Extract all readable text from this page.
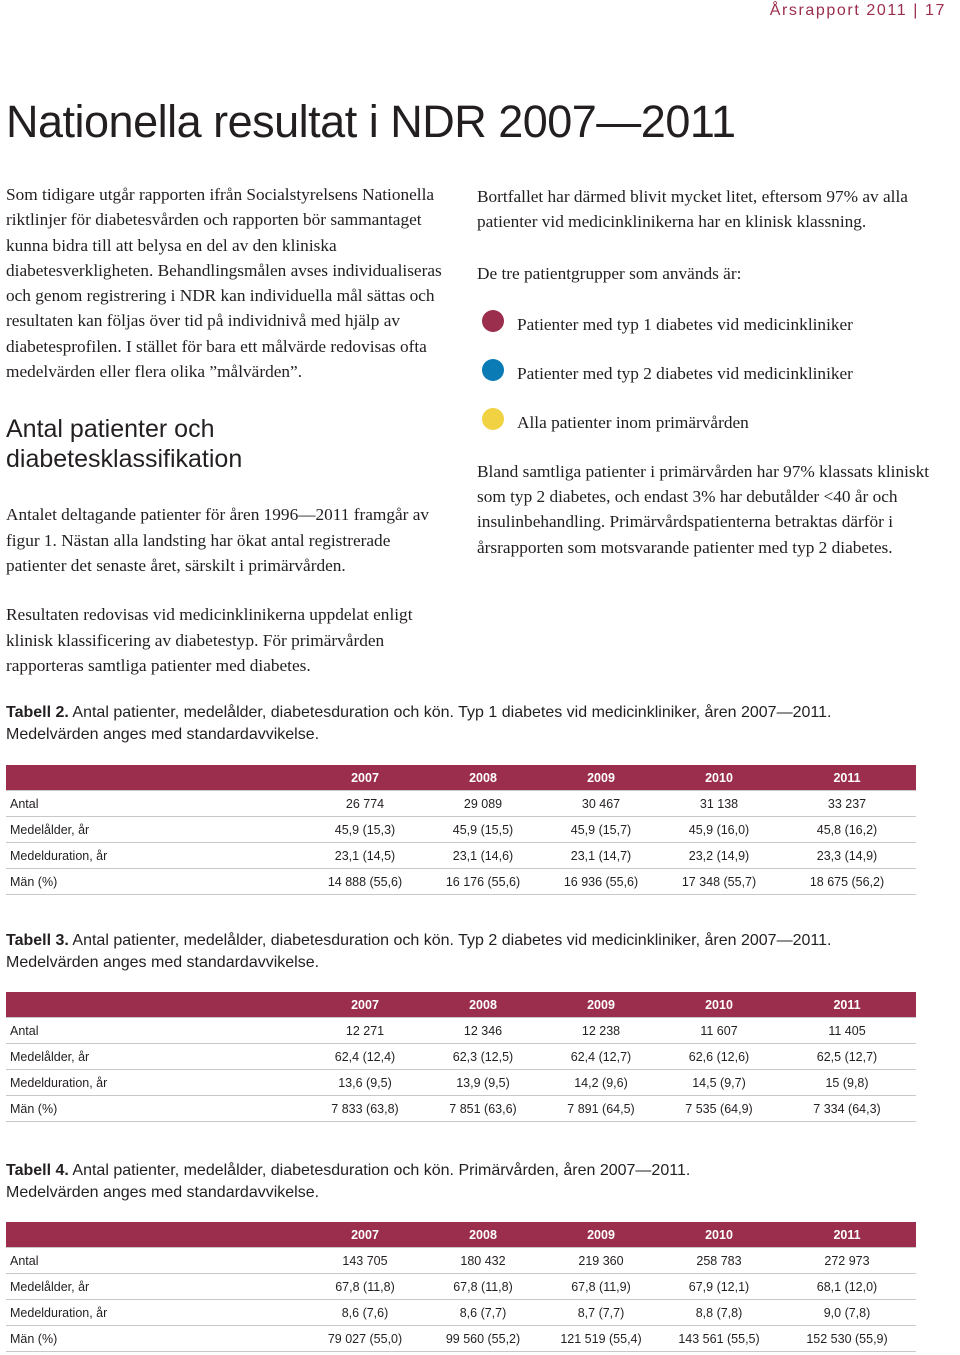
Årsrapport 2011 | 17
Nationella resultat i NDR 2007—2011

Som tidigare utgår rapporten ifrån Socialstyrelsens Nationella riktlinjer för diabetesvården och rapporten bör sammantaget kunna bidra till att belysa en del av den kliniska diabetesverkligheten. Behandlingsmålen avses individualiseras och genom registrering i NDR kan individuella mål sättas och resultaten kan följas över tid på individnivå med hjälp av diabetesprofilen. I stället för bara ett målvärde redovisas ofta medelvärden eller flera olika ”målvärden”.

Antal patienter och diabetesklassifikation

Antalet deltagande patienter för åren 1996—2011 framgår av figur 1. Nästan alla landsting har ökat antal registrerade patienter det senaste året, särskilt i primärvården.

Resultaten redovisas vid medicinklinikerna uppdelat enligt klinisk klassificering av diabetestyp. För primärvården rapporteras samtliga patienter med diabetes.

Bortfallet har därmed blivit mycket litet, eftersom 97% av alla patienter vid medicinklinikerna har en klinisk klassning.

De tre patientgrupper som används är:

Patienter med typ 1 diabetes vid medicinkliniker
Patienter med typ 2 diabetes vid medicinkliniker
Alla patienter inom primärvården

Bland samtliga patienter i primärvården har 97% klassats kliniskt som typ 2 diabetes, och endast 3% har debutålder <40 år och insulinbehandling. Primärvårdspatienterna betraktas därför i årsrapporten som motsvarande patienter med typ 2 diabetes.

Tabell 2. Antal patienter, medelålder, diabetesduration och kön. Typ 1 diabetes vid medicinkliniker, åren 2007—2011.
Medelvärden anges med standardavvikelse.
	2007	2008	2009	2010	2011
Antal	26 774	29 089	30 467	31 138	33 237
Medelålder, år	45,9 (15,3)	45,9 (15,5)	45,9 (15,7)	45,9 (16,0)	45,8 (16,2)
Medelduration, år	23,1 (14,5)	23,1 (14,6)	23,1 (14,7)	23,2 (14,9)	23,3 (14,9)
Män (%)	14 888 (55,6)	16 176 (55,6)	16 936 (55,6)	17 348 (55,7)	18 675 (56,2)
Tabell 3. Antal patienter, medelålder, diabetesduration och kön. Typ 2 diabetes vid medicinkliniker, åren 2007—2011.
Medelvärden anges med standardavvikelse.
	2007	2008	2009	2010	2011
Antal	12 271	12 346	12 238	11 607	11 405
Medelålder, år	62,4 (12,4)	62,3 (12,5)	62,4 (12,7)	62,6 (12,6)	62,5 (12,7)
Medelduration, år	13,6 (9,5)	13,9 (9,5)	14,2 (9,6)	14,5 (9,7)	15 (9,8)
Män (%)	7 833 (63,8)	7 851 (63,6)	7 891 (64,5)	7 535 (64,9)	7 334 (64,3)
Tabell 4. Antal patienter, medelålder, diabetesduration och kön. Primärvården, åren 2007—2011.
Medelvärden anges med standardavvikelse.
	2007	2008	2009	2010	2011
Antal	143 705	180 432	219 360	258 783	272 973
Medelålder, år	67,8 (11,8)	67,8 (11,8)	67,8 (11,9)	67,9 (12,1)	68,1 (12,0)
Medelduration, år	8,6 (7,6)	8,6 (7,7)	8,7 (7,7)	8,8 (7,8)	9,0 (7,8)
Män (%)	79 027 (55,0)	99 560 (55,2)	121 519 (55,4)	143 561 (55,5)	152 530 (55,9)
